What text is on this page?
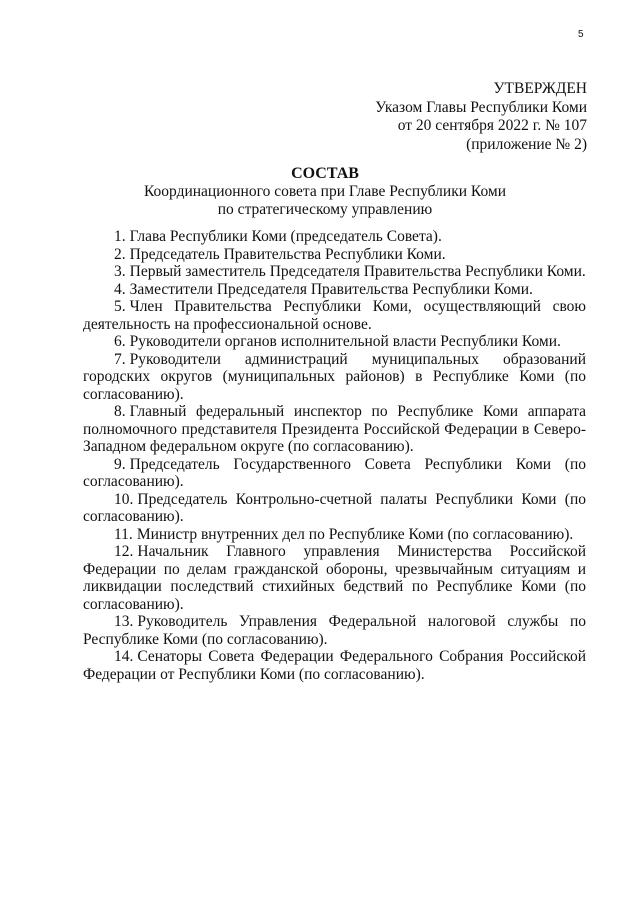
5
УТВЕРЖДЕН
Указом Главы Республики Коми
от 20 сентября 2022 г. № 107
(приложение № 2)
СОСТАВ
Координационного совета при Главе Республики Коми
по стратегическому управлению
1. Глава Республики Коми (председатель Совета).
2. Председатель Правительства Республики Коми.
3. Первый заместитель Председателя Правительства Республики Коми.
4. Заместители Председателя Правительства Республики Коми.
5. Член Правительства Республики Коми, осуществляющий свою деятельность на профессиональной основе.
6. Руководители органов исполнительной власти Республики Коми.
7. Руководители администраций муниципальных образований городских округов (муниципальных районов) в Республике Коми (по согласованию).
8. Главный федеральный инспектор по Республике Коми аппарата полномочного представителя Президента Российской Федерации в Северо-Западном федеральном округе (по согласованию).
9. Председатель Государственного Совета Республики Коми (по согласованию).
10. Председатель Контрольно-счетной палаты Республики Коми (по согласованию).
11. Министр внутренних дел по Республике Коми (по согласованию).
12. Начальник Главного управления Министерства Российской Федерации по делам гражданской обороны, чрезвычайным ситуациям и ликвидации последствий стихийных бедствий по Республике Коми (по согласованию).
13. Руководитель Управления Федеральной налоговой службы по Республике Коми (по согласованию).
14. Сенаторы Совета Федерации Федерального Собрания Российской Федерации от Республики Коми (по согласованию).
